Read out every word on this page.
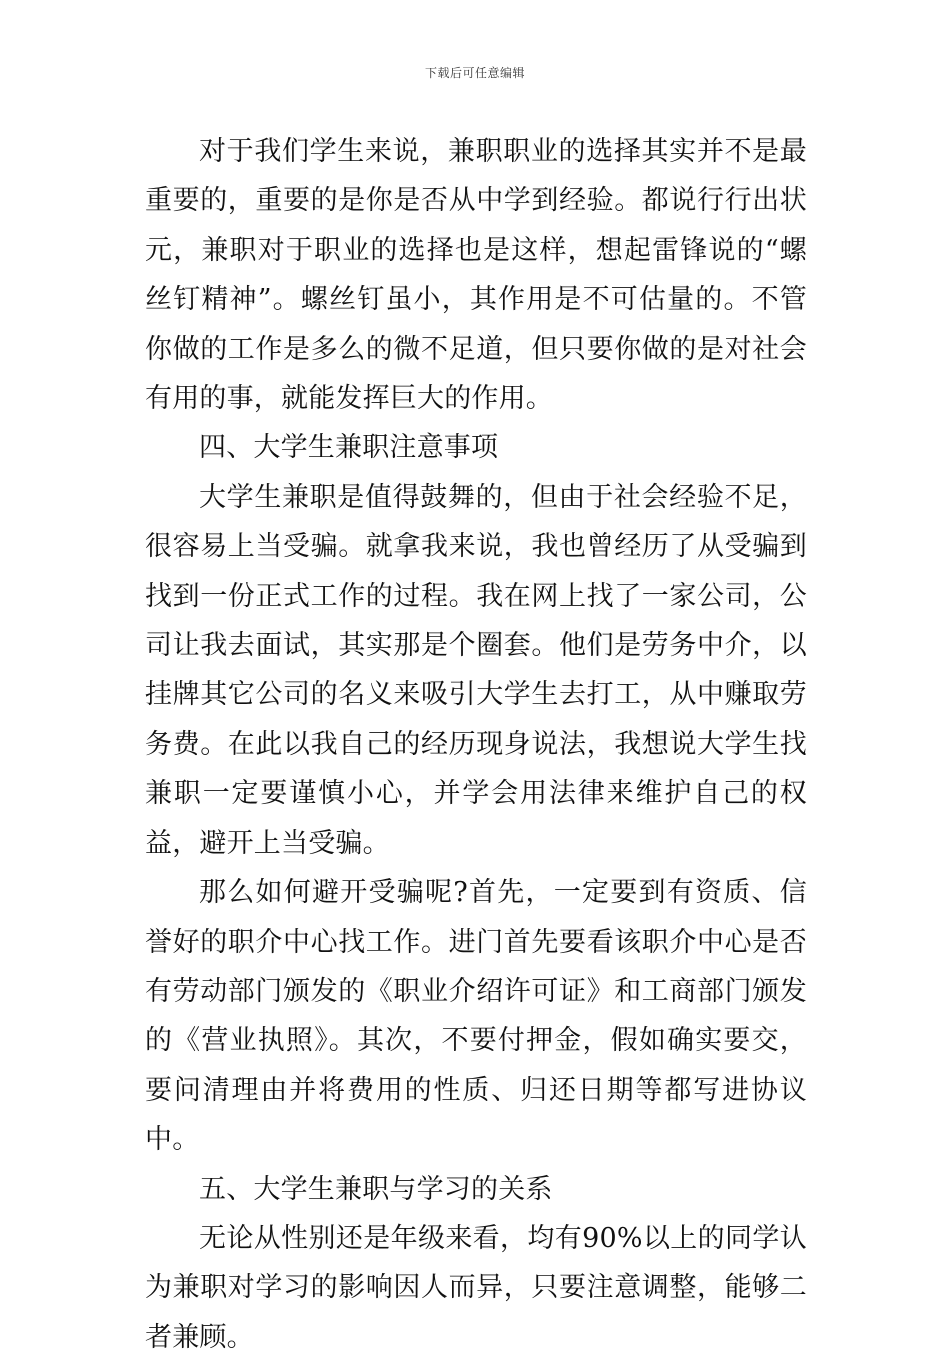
下载后可任意编辑

对于我们学生来说，兼职职业的选择其实并不是最重要的，重要的是你是否从中学到经验。都说行行出状元，兼职对于职业的选择也是这样，想起雷锋说的“螺丝钉精神”。螺丝钉虽小，其作用是不可估量的。不管你做的工作是多么的微不足道，但只要你做的是对社会有用的事，就能发挥巨大的作用。

四、大学生兼职注意事项

大学生兼职是值得鼓舞的，但由于社会经验不足，很容易上当受骗。就拿我来说，我也曾经历了从受骗到找到一份正式工作的过程。我在网上找了一家公司，公司让我去面试，其实那是个圈套。他们是劳务中介，以挂牌其它公司的名义来吸引大学生去打工，从中赚取劳务费。在此以我自己的经历现身说法，我想说大学生找兼职一定要谨慎小心，并学会用法律来维护自己的权益，避开上当受骗。

那么如何避开受骗呢?首先，一定要到有资质、信誉好的职介中心找工作。进门首先要看该职介中心是否有劳动部门颁发的《职业介绍许可证》和工商部门颁发的《营业执照》。其次，不要付押金，假如确实要交，要问清理由并将费用的性质、归还日期等都写进协议中。

五、大学生兼职与学习的关系

无论从性别还是年级来看，均有90%以上的同学认为兼职对学习的影响因人而异，只要注意调整，能够二者兼顾。
